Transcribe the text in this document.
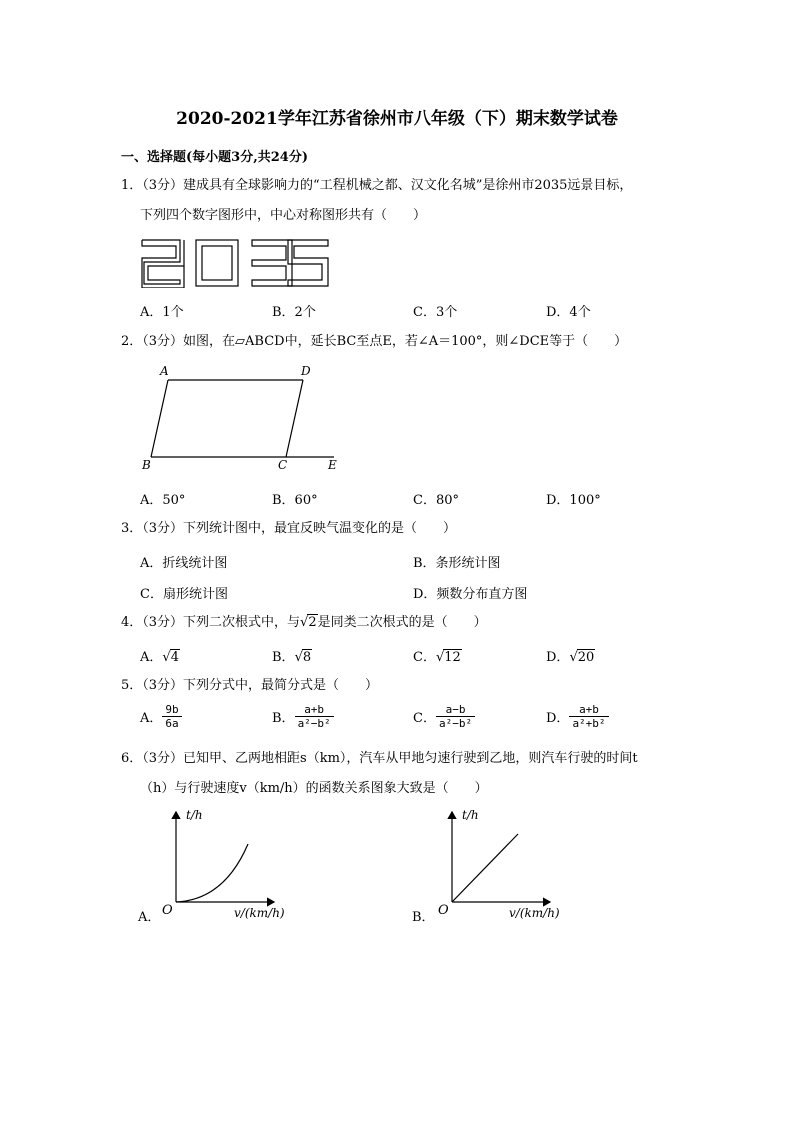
2020-2021学年江苏省徐州市八年级（下）期末数学试卷
一、选择题(每小题3分,共24分)
1．（3分）建成具有全球影响力的“工程机械之都、汉文化名城”是徐州市2035远景目标，
下列四个数字图形中，中心对称图形共有（　　）
A．1个	B．2个	C．3个	D．4个
2．（3分）如图，在▱ABCD中，延长BC至点E，若∠A＝100°，则∠DCE等于（　　）
A	D
B	C	E
A．50°	B．60°	C．80°	D．100°
3．（3分）下列统计图中，最宜反映气温变化的是（　　）
A．折线统计图	B．条形统计图
C．扇形统计图	D．频数分布直方图
4．（3分）下列二次根式中，与√2是同类二次根式的是（　　）
A．√4	B．√8	C．√12	D．√20
5．（3分）下列分式中，最简分式是（　　）
A． $\frac{9b}{6a}$	B． $\frac{a+b}{\text{a²−b²}}$	C． $\frac{a-b}{\text{a²−b²}}$	D． $\frac{a+b}{\text{a²+b²}}$
6．（3分）已知甲、乙两地相距s（km），汽车从甲地匀速行驶到乙地，则汽车行驶的时间t
（h）与行驶速度v（km/h）的函数关系图象大致是（　　）
A． O
t/h
v/(km/h)	B． O
t/h
v/(km/h)
